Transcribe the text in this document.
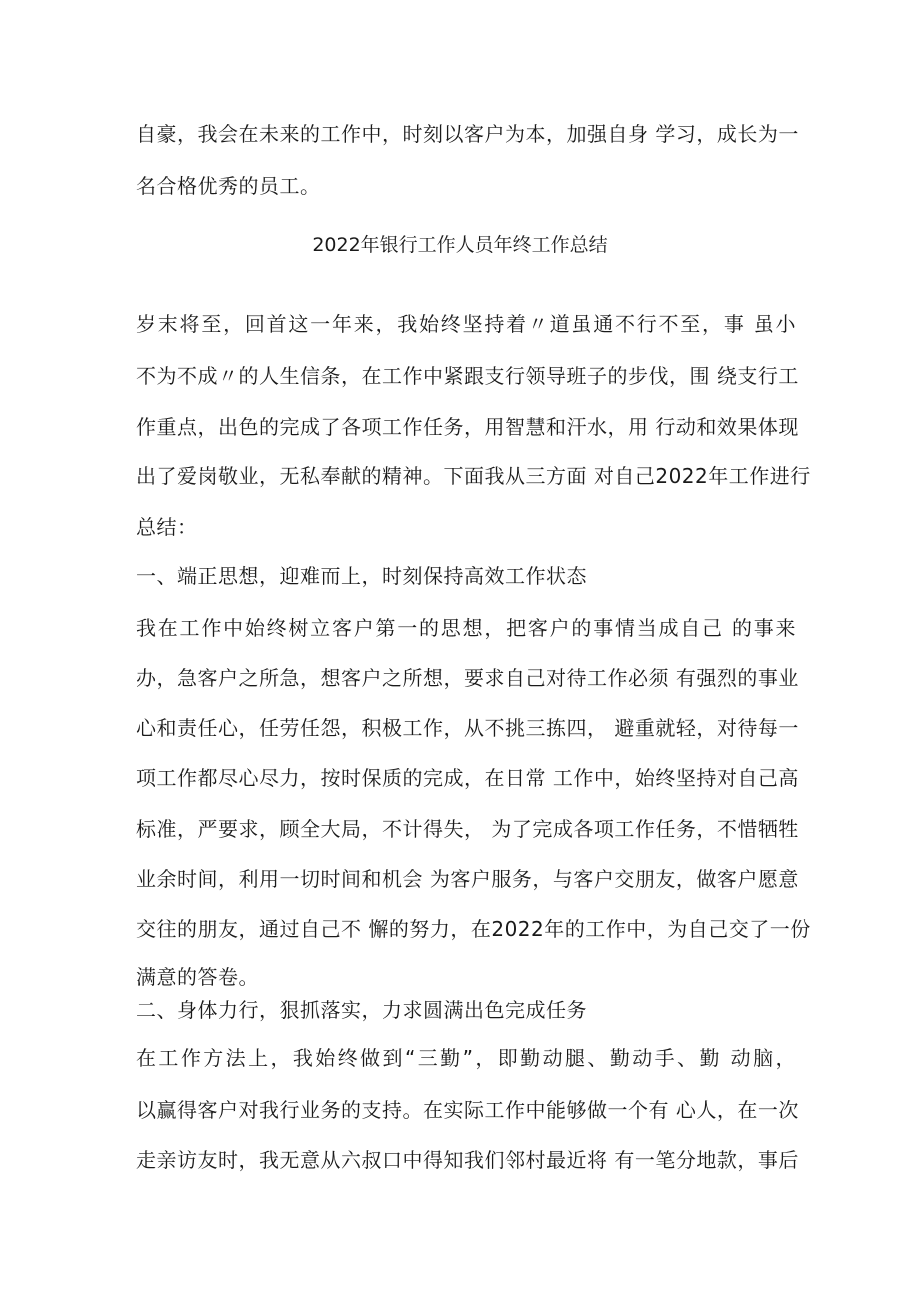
自豪，我会在未来的工作中，时刻以客户为本，加强自身 学习，成长为一
名合格优秀的员工。
2022年银行工作人员年终工作总结
岁末将至，回首这一年来，我始终坚持着〃道虽通不行不至，事 虽小
不为不成〃的人生信条，在工作中紧跟支行领导班子的步伐，围 绕支行工
作重点，出色的完成了各项工作任务，用智慧和汗水，用 行动和效果体现
出了爱岗敬业，无私奉献的精神。下面我从三方面 对自己2022年工作进行
总结：
一、端正思想，迎难而上，时刻保持高效工作状态
我在工作中始终树立客户第一的思想，把客户的事情当成自己 的事来
办，急客户之所急，想客户之所想，要求自己对待工作必须 有强烈的事业
心和责任心，任劳任怨，积极工作，从不挑三拣四， 避重就轻，对待每一
项工作都尽心尽力，按时保质的完成，在日常 工作中，始终坚持对自己高
标准，严要求，顾全大局，不计得失， 为了完成各项工作任务，不惜牺牲
业余时间，利用一切时间和机会 为客户服务，与客户交朋友，做客户愿意
交往的朋友，通过自己不 懈的努力，在2022年的工作中，为自己交了一份
满意的答卷。
二、身体力行，狠抓落实，力求圆满出色完成任务
在工作方法上，我始终做到“三勤”，即勤动腿、勤动手、勤 动脑，
以赢得客户对我行业务的支持。在实际工作中能够做一个有 心人，在一次
走亲访友时，我无意从六叔口中得知我们邻村最近将 有一笔分地款，事后
